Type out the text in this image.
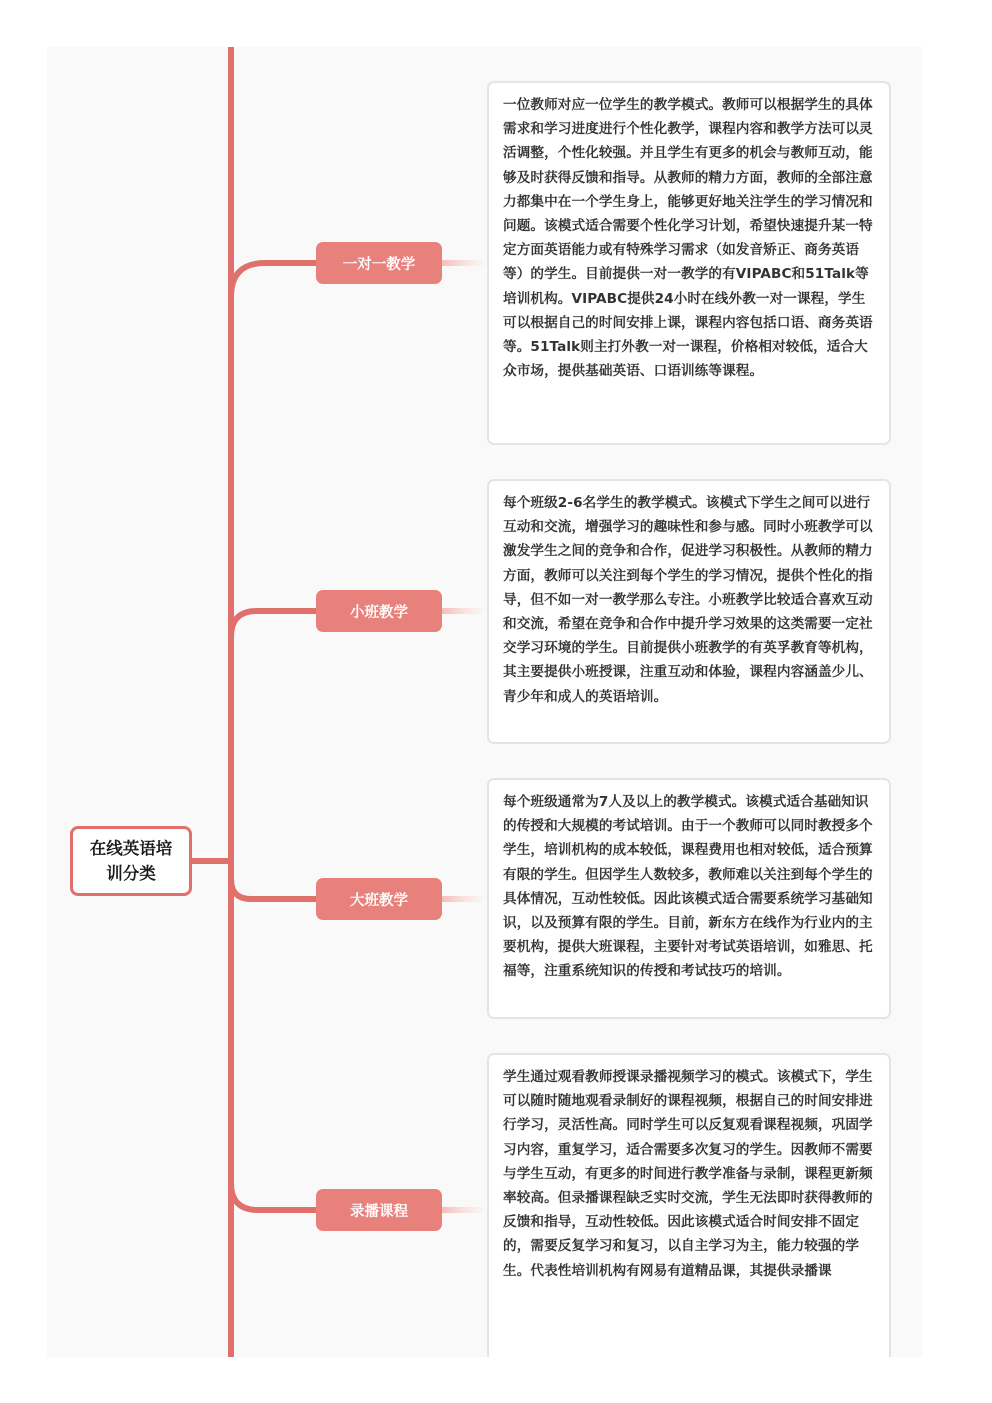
在线英语培训分类
一对一教学
一位教师对应一位学生的教学模式。教师可以根据学生的具体需求和学习进度进行个性化教学，课程内容和教学方法可以灵活调整，个性化较强。并且学生有更多的机会与教师互动，能够及时获得反馈和指导。从教师的精力方面，教师的全部注意力都集中在一个学生身上，能够更好地关注学生的学习情况和问题。该模式适合需要个性化学习计划，希望快速提升某一特定方面英语能力或有特殊学习需求（如发音矫正、商务英语等）的学生。目前提供一对一教学的有VIPABC和51Talk等培训机构。VIPABC提供24小时在线外教一对一课程，学生可以根据自己的时间安排上课，课程内容包括口语、商务英语等。51Talk则主打外教一对一课程，价格相对较低，适合大众市场，提供基础英语、口语训练等课程。
小班教学
每个班级2-6名学生的教学模式。该模式下学生之间可以进行互动和交流，增强学习的趣味性和参与感。同时小班教学可以激发学生之间的竞争和合作，促进学习积极性。从教师的精力方面，教师可以关注到每个学生的学习情况，提供个性化的指导，但不如一对一教学那么专注。小班教学比较适合喜欢互动和交流，希望在竞争和合作中提升学习效果的这类需要一定社交学习环境的学生。目前提供小班教学的有英孚教育等机构，其主要提供小班授课，注重互动和体验，课程内容涵盖少儿、青少年和成人的英语培训。
大班教学
每个班级通常为7人及以上的教学模式。该模式适合基础知识的传授和大规模的考试培训。由于一个教师可以同时教授多个学生，培训机构的成本较低，课程费用也相对较低，适合预算有限的学生。但因学生人数较多，教师难以关注到每个学生的具体情况，互动性较低。因此该模式适合需要系统学习基础知识，以及预算有限的学生。目前，新东方在线作为行业内的主要机构，提供大班课程，主要针对考试英语培训，如雅思、托福等，注重系统知识的传授和考试技巧的培训。
录播课程
学生通过观看教师授课录播视频学习的模式。该模式下，学生可以随时随地观看录制好的课程视频，根据自己的时间安排进行学习，灵活性高。同时学生可以反复观看课程视频，巩固学习内容，重复学习，适合需要多次复习的学生。因教师不需要与学生互动，有更多的时间进行教学准备与录制，课程更新频率较高。但录播课程缺乏实时交流，学生无法即时获得教师的反馈和指导，互动性较低。因此该模式适合时间安排不固定的，需要反复学习和复习，以自主学习为主，能力较强的学生。代表性培训机构有网易有道精品课，其提供录播课
